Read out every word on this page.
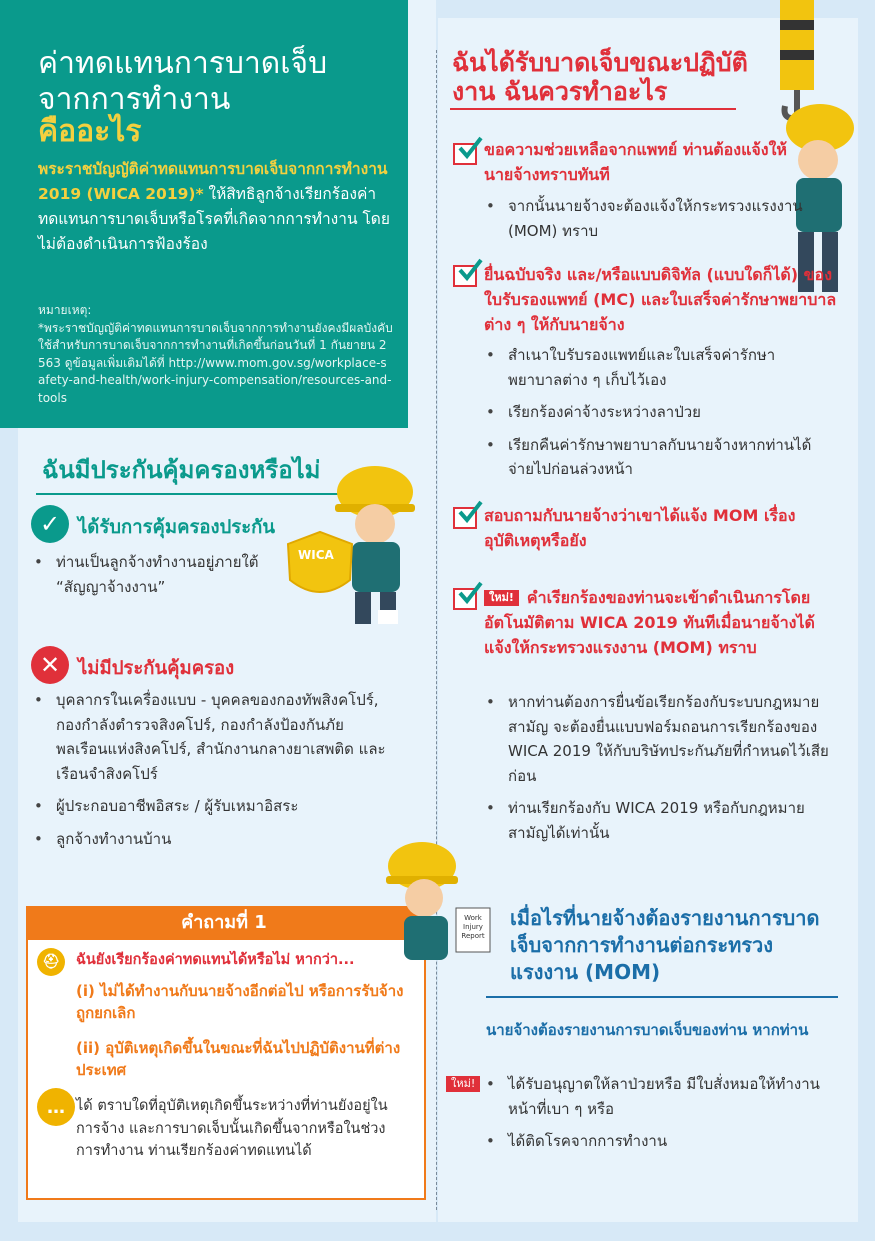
ค่าทดแทนการบาดเจ็บ
จากการทำงาน
คืออะไร
พระราชบัญญัติค่าทดแทนการบาดเจ็บจากการทำงาน 2019 (WICA 2019)* ให้สิทธิลูกจ้างเรียกร้องค่าทดแทนการบาดเจ็บหรือโรคที่เกิดจากการทำงาน โดยไม่ต้องดำเนินการฟ้องร้อง
หมายเหตุ:
*พระราชบัญญัติค่าทดแทนการบาดเจ็บจากการทำงานยังคงมีผลบังคับใช้สำหรับการบาดเจ็บจากการทำงานที่เกิดขึ้นก่อนวันที่ 1 กันยายน 2563 ดูข้อมูลเพิ่มเติมได้ที่ http://www.mom.gov.sg/workplace-safety-and-health/work-injury-compensation/resources-and-tools
ฉันมีประกันคุ้มครองหรือไม่
✓ ได้รับการคุ้มครองประกัน
• ท่านเป็นลูกจ้างทำงานอยู่ภายใต้ “สัญญาจ้างงาน”
WICA
✕ ไม่มีประกันคุ้มครอง
• บุคลากรในเครื่องแบบ - บุคคลของกองทัพสิงคโปร์, กองกำลังตำรวจสิงคโปร์, กองกำลังป้องกันภัยพลเรือนแห่งสิงคโปร์, สำนักงานกลางยาเสพติด และเรือนจำสิงคโปร์
• ผู้ประกอบอาชีพอิสระ / ผู้รับเหมาอิสระ
• ลูกจ้างทำงานบ้าน
คำถามที่ 1
⛑	ฉันยังเรียกร้องค่าทดแทนได้หรือไม่ หากว่า...
(i) ไม่ได้ทำงานกับนายจ้างอีกต่อไป หรือการรับจ้างถูกยกเลิก
(ii) อุบัติเหตุเกิดขึ้นในขณะที่ฉันไปปฏิบัติงานที่ต่างประเทศ
… ได้ ตราบใดที่อุบัติเหตุเกิดขึ้นระหว่างที่ท่านยังอยู่ในการจ้าง และการบาดเจ็บนั้นเกิดขึ้นจากหรือในช่วงการทำงาน ท่านเรียกร้องค่าทดแทนได้
Work Injury Report
ฉันได้รับบาดเจ็บขณะปฏิบัติงาน ฉันควรทำอะไร
ขอความช่วยเหลือจากแพทย์ ท่านต้องแจ้งให้นายจ้างทราบทันที
• จากนั้นนายจ้างจะต้องแจ้งให้กระทรวงแรงงาน (MOM) ทราบ
ยื่นฉบับจริง และ/หรือแบบดิจิทัล (แบบใดก็ได้) ของใบรับรองแพทย์ (MC) และใบเสร็จค่ารักษาพยาบาลต่าง ๆ ให้กับนายจ้าง
• สำเนาใบรับรองแพทย์และใบเสร็จค่ารักษาพยาบาลต่าง ๆ เก็บไว้เอง
• เรียกร้องค่าจ้างระหว่างลาป่วย
• เรียกคืนค่ารักษาพยาบาลกับนายจ้างหากท่านได้จ่ายไปก่อนล่วงหน้า
สอบถามกับนายจ้างว่าเขาได้แจ้ง MOM เรื่องอุบัติเหตุหรือยัง
ใหม่! คำเรียกร้องของท่านจะเข้าดำเนินการโดยอัตโนมัติตาม WICA 2019 ทันทีเมื่อนายจ้างได้แจ้งให้กระทรวงแรงงาน (MOM) ทราบ
• หากท่านต้องการยื่นข้อเรียกร้องกับระบบกฎหมายสามัญ จะต้องยื่นแบบฟอร์มถอนการเรียกร้องของ WICA 2019 ให้กับบริษัทประกันภัยที่กำหนดไว้เสียก่อน
• ท่านเรียกร้องกับ WICA 2019 หรือกับกฎหมายสามัญได้เท่านั้น
เมื่อไรที่นายจ้างต้องรายงานการบาดเจ็บจากการทำงานต่อกระทรวงแรงงาน (MOM)
นายจ้างต้องรายงานการบาดเจ็บของท่าน หากท่าน
ใหม่!
•	ได้รับอนุญาตให้ลาป่วยหรือ มีใบสั่งหมอให้ทำงานหน้าที่เบา ๆ หรือ
• ได้ติดโรคจากการทำงาน
